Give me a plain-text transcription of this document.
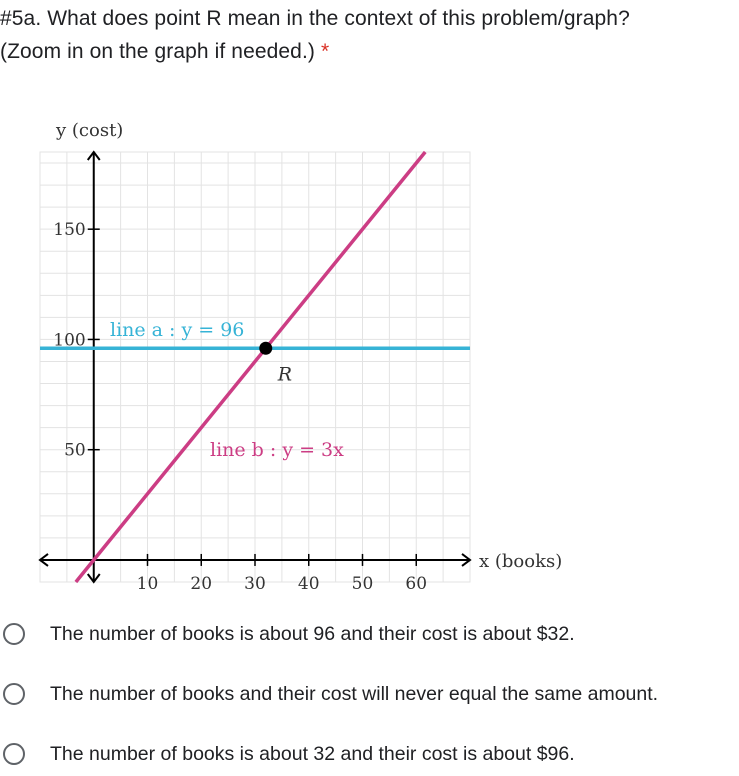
#5a. What does point R mean in the context of this problem/graph?
(Zoom in on the graph if needed.) *
10 20 30 40 50 60
50
100
150
line a : y = 96
line b : y = 3x
R
y (cost)
x (books)
The number of books is about 96 and their cost is about $32.
The number of books and their cost will never equal the same amount.
The number of books is about 32 and their cost is about $96.
